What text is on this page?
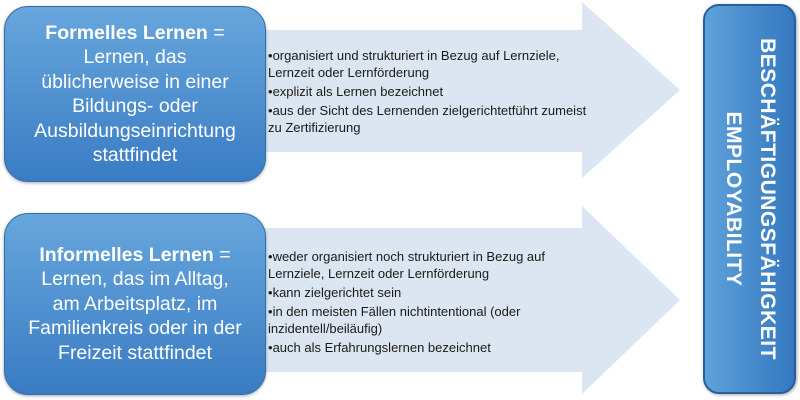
Formelles Lernen =
Lernen, das
üblicherweise in einer
Bildungs- oder
Ausbildungseinrichtung
stattfindet
•organisiert und strukturiert in Bezug auf Lernziele, Lernzeit oder Lernförderung
•explizit als Lernen bezeichnet
•aus der Sicht des Lernenden zielgerichtetführt zumeist zu Zertifizierung
Informelles Lernen =
Lernen, das im Alltag,
am Arbeitsplatz, im
Familienkreis oder in der
Freizeit stattfindet
•weder organisiert noch strukturiert in Bezug auf Lernziele, Lernzeit oder Lernförderung
•kann zielgerichtet sein
•in den meisten Fällen nichtintentional (oder inzidentell/beiläufig)
•auch als Erfahrungslernen bezeichnet	BESCHÄFTIGUNGSFÄHIGKEIT
EMPLOYABILITY
